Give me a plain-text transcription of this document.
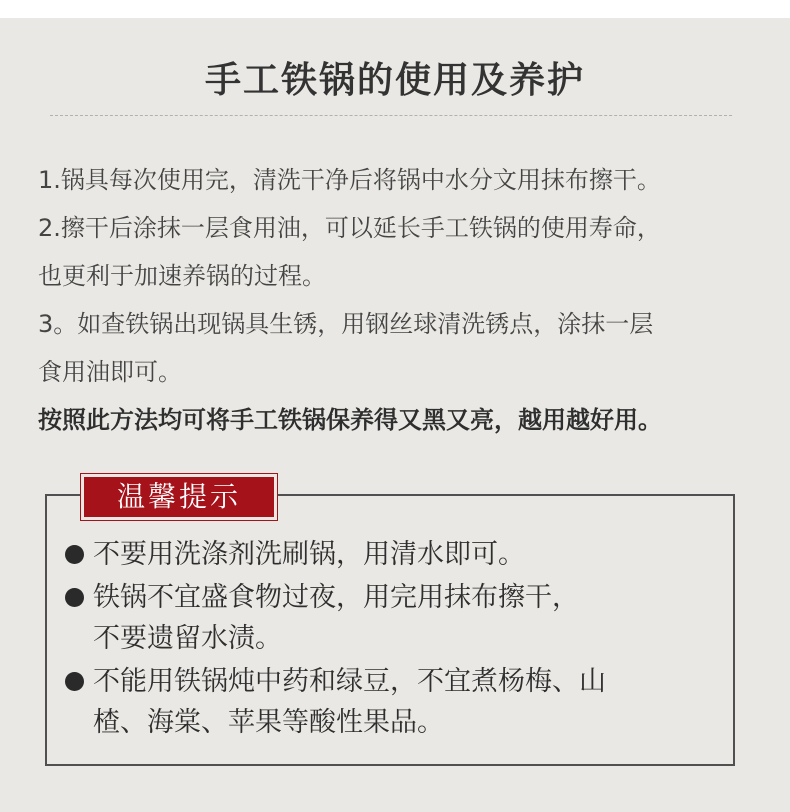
手工铁锅的使用及养护
1.锅具每次使用完，清洗干净后将锅中水分文用抹布擦干。
2.擦干后涂抹一层食用油，可以延长手工铁锅的使用寿命，
也更利于加速养锅的过程。
3。如查铁锅出现锅具生锈，用钢丝球清洗锈点，涂抹一层
食用油即可。
按照此方法均可将手工铁锅保养得又黑又亮，越用越好用。
温馨提示
不要用洗涤剂洗刷锅，用清水即可。
铁锅不宜盛食物过夜，用完用抹布擦干，
不要遗留水渍。
不能用铁锅炖中药和绿豆，不宜煮杨梅、山
楂、海棠、苹果等酸性果品。
